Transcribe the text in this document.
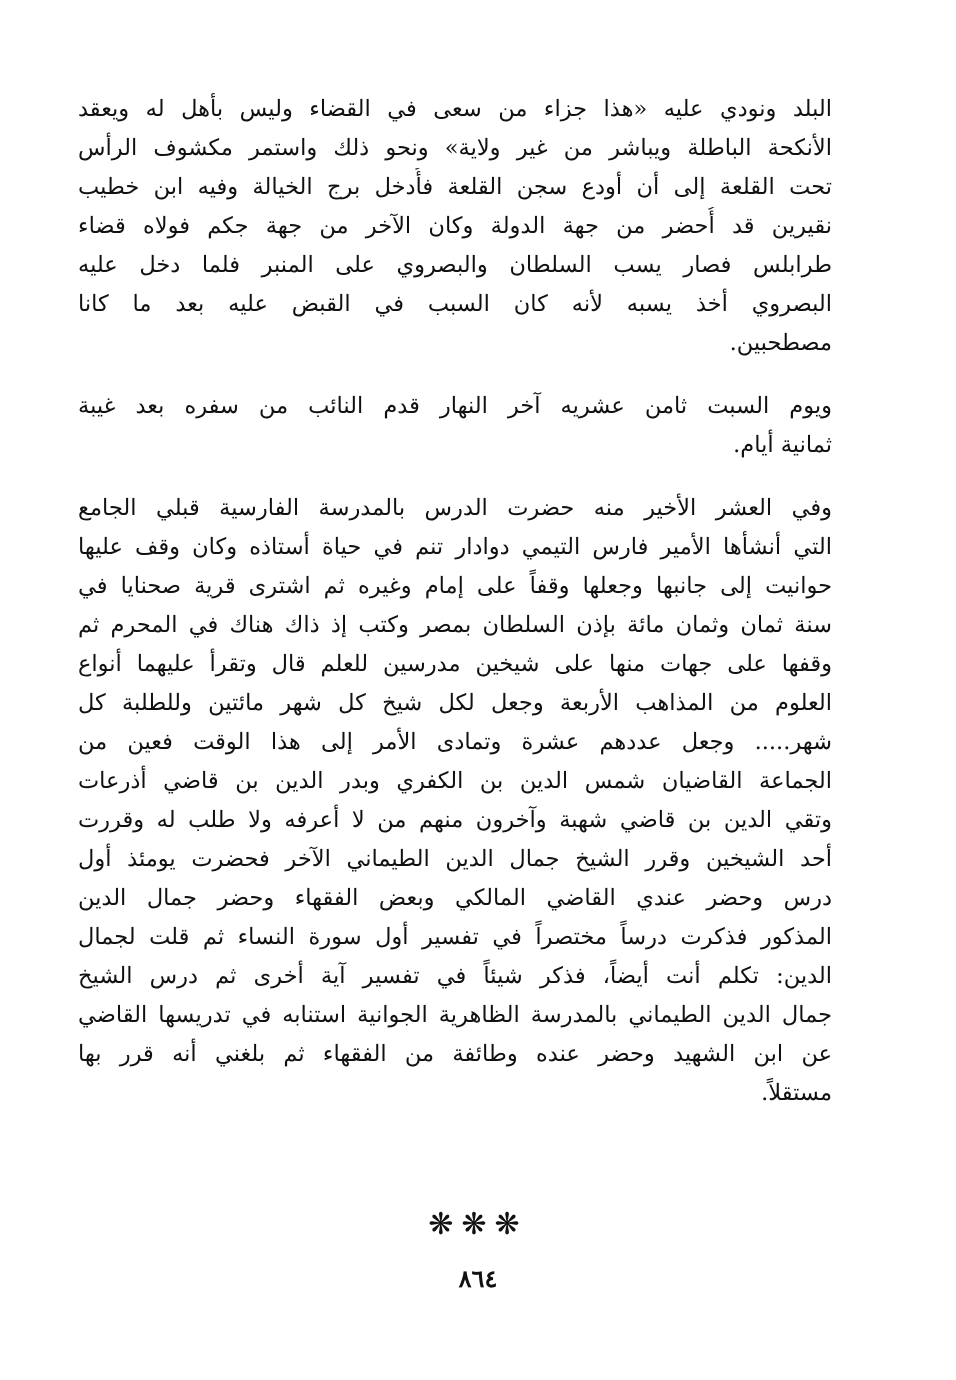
البلد ونودي عليه «هذا جزاء من سعى في القضاء وليس بأهل له ويعقد
الأنكحة الباطلة ويباشر من غير ولاية» ونحو ذلك واستمر مكشوف الرأس
تحت القلعة إلى أن أودع سجن القلعة فأُدخل برج الخيالة وفيه ابن خطيب
نقيرين قد أُحضر من جهة الدولة وكان الآخر من جهة جكم فولاه قضاء
طرابلس فصار يسب السلطان والبصروي على المنبر فلما دخل عليه
البصروي أخذ يسبه لأنه كان السبب في القبض عليه بعد ما كانا
مصطحبين.
ويوم السبت ثامن عشريه آخر النهار قدم النائب من سفره بعد غيبة
ثمانية أيام.
وفي العشر الأخير منه حضرت الدرس بالمدرسة الفارسية قبلي الجامع
التي أنشأها الأمير فارس التيمي دوادار تنم في حياة أستاذه وكان وقف عليها
حوانيت إلى جانبها وجعلها وقفاً على إمام وغيره ثم اشترى قرية صحنايا في
سنة ثمان وثمان مائة بإذن السلطان بمصر وكتب إذ ذاك هناك في المحرم ثم
وقفها على جهات منها على شيخين مدرسين للعلم قال وتقرأ عليهما أنواع
العلوم من المذاهب الأربعة وجعل لكل شيخ كل شهر مائتين وللطلبة كل
شهر..... وجعل عددهم عشرة وتمادى الأمر إلى هذا الوقت فعين من
الجماعة القاضيان شمس الدين بن الكفري وبدر الدين بن قاضي أذرعات
وتقي الدين بن قاضي شهبة وآخرون منهم من لا أعرفه ولا طلب له وقررت
أحد الشيخين وقرر الشيخ جمال الدين الطيماني الآخر فحضرت يومئذ أول
درس وحضر عندي القاضي المالكي وبعض الفقهاء وحضر جمال الدين
المذكور فذكرت درساً مختصراً في تفسير أول سورة النساء ثم قلت لجمال
الدين: تكلم أنت أيضاً، فذكر شيئاً في تفسير آية أخرى ثم درس الشيخ
جمال الدين الطيماني بالمدرسة الظاهرية الجوانية استنابه في تدريسها القاضي
عن ابن الشهيد وحضر عنده وطائفة من الفقهاء ثم بلغني أنه قرر بها
مستقلاً.
❋❋❋
٨٦٤
